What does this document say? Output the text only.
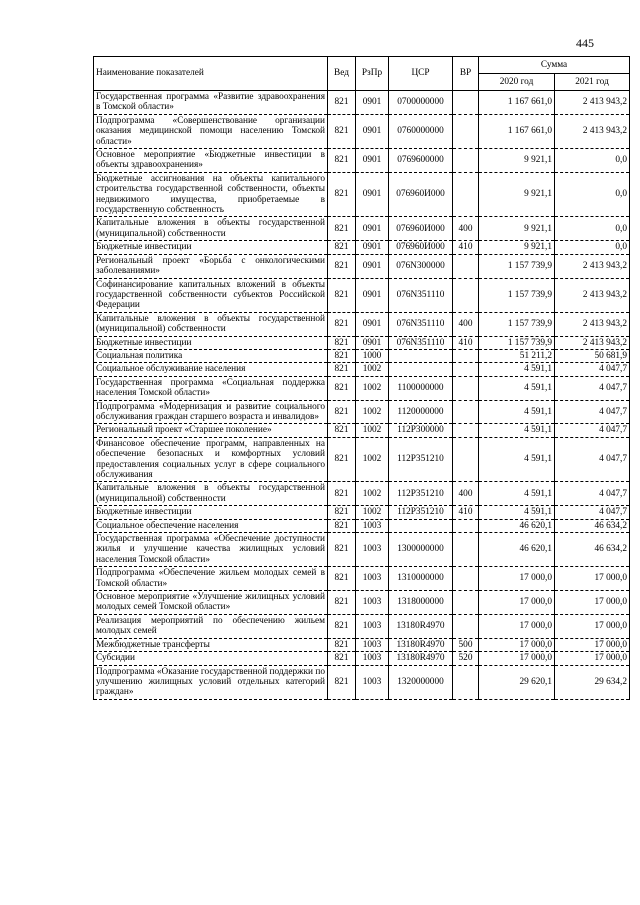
445
Наименование показателей	Вед	РзПр	ЦСР	ВР	Сумма	
					2020 год	2021 год
Государственная программа «Развитие здравоохранения в Томской области»	821	0901	0700000000		1 167 661,0	2 413 943,2
Подпрограмма «Совершенствование организации оказания медицинской помощи населению Томской области»	821	0901	0760000000		1 167 661,0	2 413 943,2
Основное мероприятие «Бюджетные инвестиции в объекты здравоохранения»	821	0901	0769600000		9 921,1	0,0
Бюджетные ассигнования на объекты капитального строительства государственной собственности, объекты недвижимого имущества, приобретаемые в государственную собственность	821	0901	076960И000		9 921,1	0,0
Капитальные вложения в объекты государственной (муниципальной) собственности	821	0901	076960И000	400	9 921,1	0,0
Бюджетные инвестиции	821	0901	076960И000	410	9 921,1	0,0
Региональный проект «Борьба с онкологическими заболеваниями»	821	0901	076N300000		1 157 739,9	2 413 943,2
Софинансирование капитальных вложений в объекты государственной собственности субъектов Российской Федерации	821	0901	076N351110		1 157 739,9	2 413 943,2
Капитальные вложения в объекты государственной (муниципальной) собственности	821	0901	076N351110	400	1 157 739,9	2 413 943,2
Бюджетные инвестиции	821	0901	076N351110	410	1 157 739,9	2 413 943,2
Социальная политика	821	1000			51 211,2	50 681,9
Социальное обслуживание населения	821	1002			4 591,1	4 047,7
Государственная программа «Социальная поддержка населения Томской области»	821	1002	1100000000		4 591,1	4 047,7
Подпрограмма «Модернизация и развитие социального обслуживания граждан старшего возраста и инвалидов»	821	1002	1120000000		4 591,1	4 047,7
Региональный проект «Старшее поколение»	821	1002	112P300000		4 591,1	4 047,7
Финансовое обеспечение программ, направленных на обеспечение безопасных и комфортных условий предоставления социальных услуг в сфере социального обслуживания	821	1002	112P351210		4 591,1	4 047,7
Капитальные вложения в объекты государственной (муниципальной) собственности	821	1002	112P351210	400	4 591,1	4 047,7
Бюджетные инвестиции	821	1002	112P351210	410	4 591,1	4 047,7
Социальное обеспечение населения	821	1003			46 620,1	46 634,2
Государственная программа «Обеспечение доступности жилья и улучшение качества жилищных условий населения Томской области»	821	1003	1300000000		46 620,1	46 634,2
Подпрограмма «Обеспечение жильем молодых семей в Томской области»	821	1003	1310000000		17 000,0	17 000,0
Основное мероприятие «Улучшение жилищных условий молодых семей Томской области»	821	1003	1318000000		17 000,0	17 000,0
Реализация мероприятий по обеспечению жильем молодых семей	821	1003	13180R4970		17 000,0	17 000,0
Межбюджетные трансферты	821	1003	13180R4970	500	17 000,0	17 000,0
Субсидии	821	1003	13180R4970	520	17 000,0	17 000,0
Подпрограмма «Оказание государственной поддержки по улучшению жилищных условий отдельных категорий граждан»	821	1003	1320000000		29 620,1	29 634,2
